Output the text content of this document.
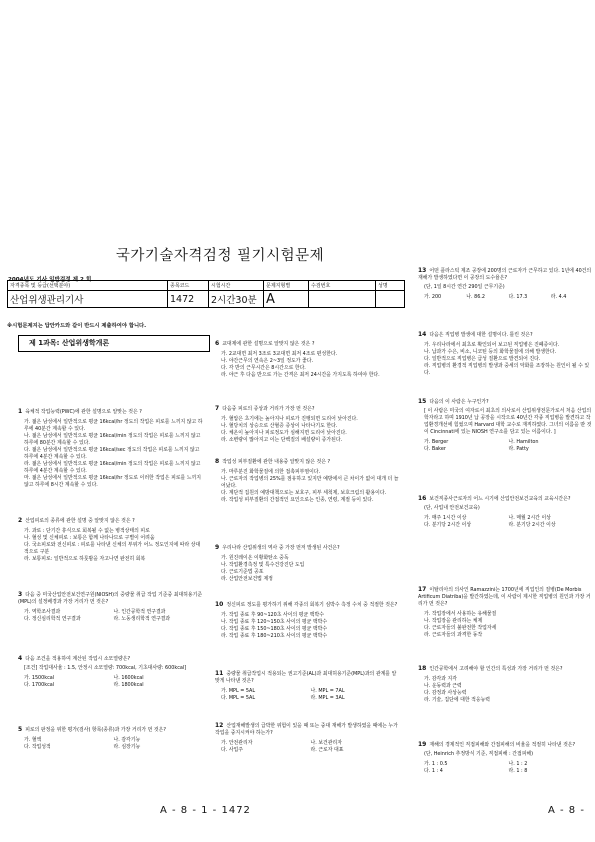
국가기술자격검정 필기시험문제
2004년도 기사 일반검정 제 2 회
자격종목 및 등급(선택분야)	종목코드	시험시간	문제지형별	수검번호	성명
산업위생관리기사	1472	2시간30분	A		
※시험문제지는 답안카드와 같이 반드시 제출하여야 합니다.
제 1과목: 산업위생학개론
1 육체적 작업능력(PWC)에 관한 설명으로 알맞는 것은 ?
가. 젊은 남성에서 일반적으로 평균 16kcal/hr 정도의 작업은 피로를 느끼지 않고 하루에 40분간 계속할 수 있다.
나. 젊은 남성에서 일반적으로 평균 16kcal/min 정도의 작업은 피로를 느끼지 않고 하루에 80분간 계속할 수 있다.
다. 젊은 남성에서 일반적으로 평균 16kcal/sec 정도의 작업은 피로를 느끼지 않고 하루에 4분간 계속할 수 있다.
라. 젊은 남성에서 일반적으로 평균 16kcal/min 정도의 작업은 피로를 느끼지 않고 하루에 4분간 계속할 수 있다.
마. 젊은 남성에서 일반적으로 평균 16kcal/hr 정도로 이러한 작업은 피로를 느끼지 않고 하루에 8시간 계속할 수 있다.
2 산업피로의 종류에 관한 설명 중 알맞지 않은 것은 ?
가. 과로 : 단기간 휴식으로 회복될 수 없는 병적상태의 피로
나. 혈성 및 신체피로 : 보통은 함께 나타나므로 구별이 어려움
다. 국소피로와 전신피로 : 피로를 나타낸 신체의 부위가 어느 정도인지에 따라 상대적으로 구분
라. 보통피로: 일반적으로 하룻밤을 자고나면 완전히 회복
3 다음 중 미국산업안전보건연구원(NIOSH)의 중량물 취급 작업 기준중 최대허용기준(MPL)의 설정배경과 가장 거리가 먼 것은?
가. 역학조사결과	나. 인간공학적 연구결과
다. 정신심리학적 연구결과	라. 노동생리학적 연구결과
4 다음 조건을 적용하여 계산된 작업시 소모열량은?
[조건] 작업대사율 : 1.5, 안정시 소모열량: 700kcal, 기초대사량: 600kcal]
가. 1500kcal	나. 1600kcal
다. 1700kcal	라. 1800kcal
5 피로의 판정을 위한 평가(검사) 항목(종류)과 가장 거리가 먼 것은?
가. 혈액	나. 감각기능
다. 작업성적	라. 심장기능
6 교대제에 관한 설명으로 알맞지 않은 것은 ?
가. 2교대면 최저 3조로 3교대면 최저 4조로 편성한다.
나. 야간근무의 연속은 2~3일 정도가 좋다.
다. 각 반의 근무시간은 8시간으로 한다.
라. 야근 후 다음 반으로 가는 간격은 최저 24시간을 가지도록 하여야 한다.
7 다음중 피로의 증상과 거리가 가장 먼 것은?
가. 혈압은 초기에는 높아지나 피로가 진행되면 도리어 낮아진다.
나. 혈당치의 상승으로 산혈증 증상이 나타나기도 한다.
다. 체온이 높아지나 피로정도가 심해지면 도리어 낮아진다.
라. 소변량이 많아지고 이는 단백질의 배설량이 증가된다.
8 작업성 피부질환에 관한 내용중 알맞지 않은 것은 ?
가. 마루분진 화학물질에 의한 접촉피부염이다.
나. 근로자의 작업병의 25%를 점유하고 있지만 예방에서 큰 차이가 없어 대개 더 늘어났다.
다. 계단적 집원의 예방대책으로는 보호구, 피부 세척제, 보호크림의 활용이다.
라. 작업성 피부질환의 간접적인 요인으로는 인종, 연령, 계절 등이 있다.
9 우리나라 산업위생의 역사 중 가장 먼저 발생된 사건은?
가. 원진레이온 이황화탄소 중독
나. 작업환경측정 및 특수건강진단 도입
다. 근로기준법 공포
라. 산업안전보건법 제정
10 정신피로 정도를 평가하기 위해 각종의 회복기 심박수 측정 수치 중 적절한 것은?
가. 작업 종료 후 90~120초 사이의 평균 맥박수
나. 작업 종료 후 120~150초 사이의 평균 맥박수
다. 작업 종료 후 150~180초 사이의 평균 맥박수
라. 작업 종료 후 180~210초 사이의 평균 맥박수
11 중량물 취급작업시 적용되는 권고기준(AL)과 최대허용기준(MPL)과의 관계를 알맞게 나타낸 것은?
가. MPL = 5AL	나. MPL = 7AL
다. MPL = 5AL	라. MPL = 3AL
12 산업재해발생의 급박한 위험이 있을 때 또는 중대 재해가 발생하였을 때에는 누가 작업을 중지시켜야 하는가?
가. 안전관리자	나. 보건관리자
다. 사업주	라. 근로자 대표
13 어떤 플라스틱 제조 공장에 200명의 근로자가 근무하고 있다. 1년에 40건의 재해가 발생하였다면 이 공장의 도수율은?
(단, 1일 8시간 연간 290일 근무기준)
가. 200	나. 86.2	다. 17.3	라. 4.4
14 다음은 직업병 발생에 대한 설명이다. 틀린 것은?
가. 우리나라에서 최초로 확인되어 보고된 직업병은 진폐증이다.
나. 납과가 수은, 비소, 니코틴 등의 화학물질에 의해 발생한다.
다. 일반적으로 직업병은 급성 질환으로 발견되어 진다.
라. 직업병의 환경적 직업병의 발생과 중세의 악화를 조장하는 원인이 될 수 있다.
15 다음의 이 사람은 누구인가?
[ 이 사람은 미국의 여자로서 최초의 의사로서 산업위생전문가로서 처음 산업의학자라고 하며 1910년 납 공장을 시작으로 40년간 각종 직업병을 발견하고 작업환경개선에 힘썼으며 Harvard 대학 교수로 재직하였다. 그녀의 이름을 딴 것이 Cincinnati에 있는 NIOSH 연구소를 담고 있는 이름이다. ]
가. Berger	나. Hamilton
다. Baker	라. Patty
16 보건직종사근로자의 어느 시기에 산업안전보건교육의 교육시간은?
(단, 사업내 안전보건교육)
가. 매주 1시간 이상	나. 매월 2시간 이상
다. 분기당 2시간 이상	라. 분기당 2시간 이상
17 이탈리아의 의사인 Ramazzini는 1700년에 직업인의 질병(De Morbis Artificum Diatriba)을 발간하였는데, 이 사람이 제시한 직업병의 원인과 가장 거리가 먼 것은?
가. 작업장에서 사용하는 유해물질
나. 작업장을 관리하는 체제
다. 근로자들의 불완전한 작업자세
라. 근로자들의 과격한 동작
18 인간공학에서 고려해야 할 인간의 특성과 가장 거리가 먼 것은?
가. 감각과 지각
나. 운동력과 근력
다. 감정과 사상능력
라. 기술, 집단에 대한 적응능력
19 재해의 경제적인 직접피해와 간접피해의 비율을 적절히 나타낸 것은?
(단, Heinrich 추정방식 기준, 직접피해 : 간접피해)
가. 1 : 0.5	나. 1 : 2
다. 1 : 4	라. 1 : 8
A - 8 - 1 - 1472	A - 8 -
